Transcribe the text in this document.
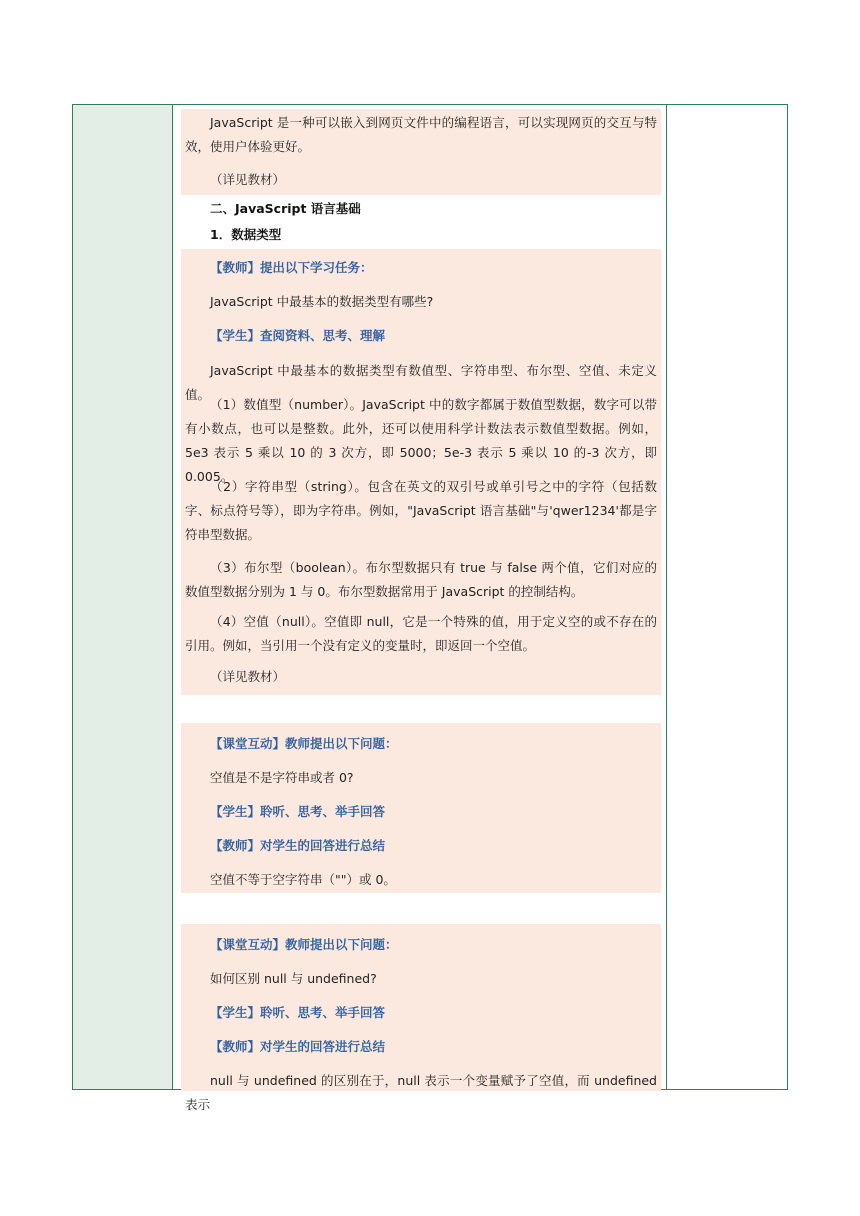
JavaScript 是一种可以嵌入到网页文件中的编程语言，可以实现网页的交互与特效，使用户体验更好。
（详见教材）
二、JavaScript 语言基础
1．数据类型
【教师】提出以下学习任务：
JavaScript 中最基本的数据类型有哪些?
【学生】查阅资料、思考、理解
JavaScript 中最基本的数据类型有数值型、字符串型、布尔型、空值、未定义值。
（1）数值型（number）。JavaScript 中的数字都属于数值型数据，数字可以带有小数点，也可以是整数。此外，还可以使用科学计数法表示数值型数据。例如，5e3 表示 5 乘以 10 的 3 次方，即 5000；5e-3 表示 5 乘以 10 的-3 次方，即 0.005。
（2）字符串型（string）。包含在英文的双引号或单引号之中的字符（包括数字、标点符号等），即为字符串。例如，"JavaScript 语言基础"与'qwer1234'都是字符串型数据。
（3）布尔型（boolean）。布尔型数据只有 true 与 false 两个值，它们对应的数值型数据分别为 1 与 0。布尔型数据常用于 JavaScript 的控制结构。
（4）空值（null）。空值即 null，它是一个特殊的值，用于定义空的或不存在的引用。例如，当引用一个没有定义的变量时，即返回一个空值。
（详见教材）
【课堂互动】教师提出以下问题：
空值是不是字符串或者 0?
【学生】聆听、思考、举手回答
【教师】对学生的回答进行总结
空值不等于空字符串（""）或 0。
【课堂互动】教师提出以下问题：
如何区别 null 与 undefined?
【学生】聆听、思考、举手回答
【教师】对学生的回答进行总结
null 与 undefined 的区别在于，null 表示一个变量赋予了空值，而 undefined 表示
